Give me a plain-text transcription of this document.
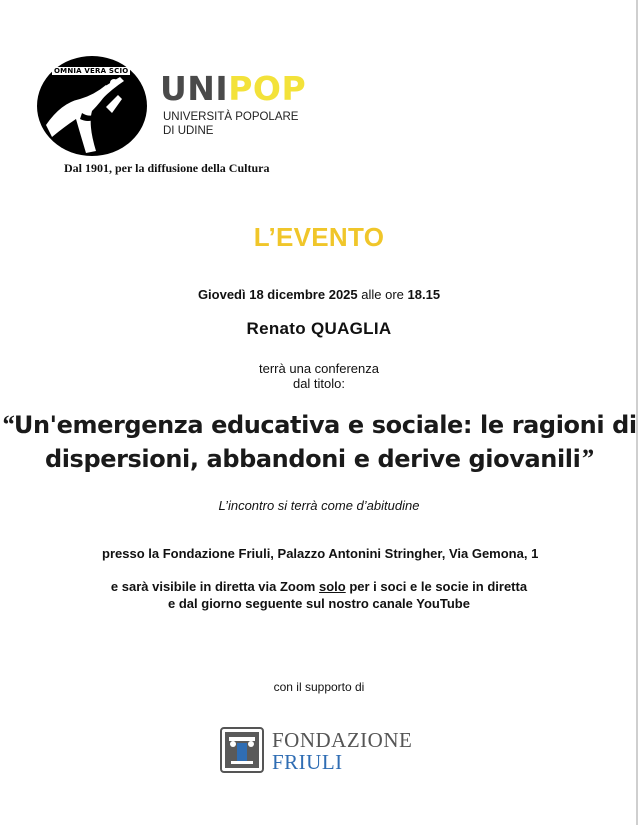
OMNIA VERA SCIO UNIPOP
UNIVERSITÀ POPOLARE
DI UDINE
Dal 1901, per la diffusione della Cultura
L’EVENTO
Giovedì 18 dicembre 2025 alle ore 18.15
Renato QUAGLIA
terrà una conferenza
dal titolo:
“Un'emergenza educativa e sociale: le ragioni di
dispersioni, abbandoni e derive giovanili”
L’incontro si terrà come d’abitudine
presso la Fondazione Friuli, Palazzo Antonini Stringher, Via Gemona, 1
e sarà visibile in diretta via Zoom solo per i soci e le socie in diretta
e dal giorno seguente sul nostro canale YouTube
con il supporto di
FONDAZIONE
FRIULI
